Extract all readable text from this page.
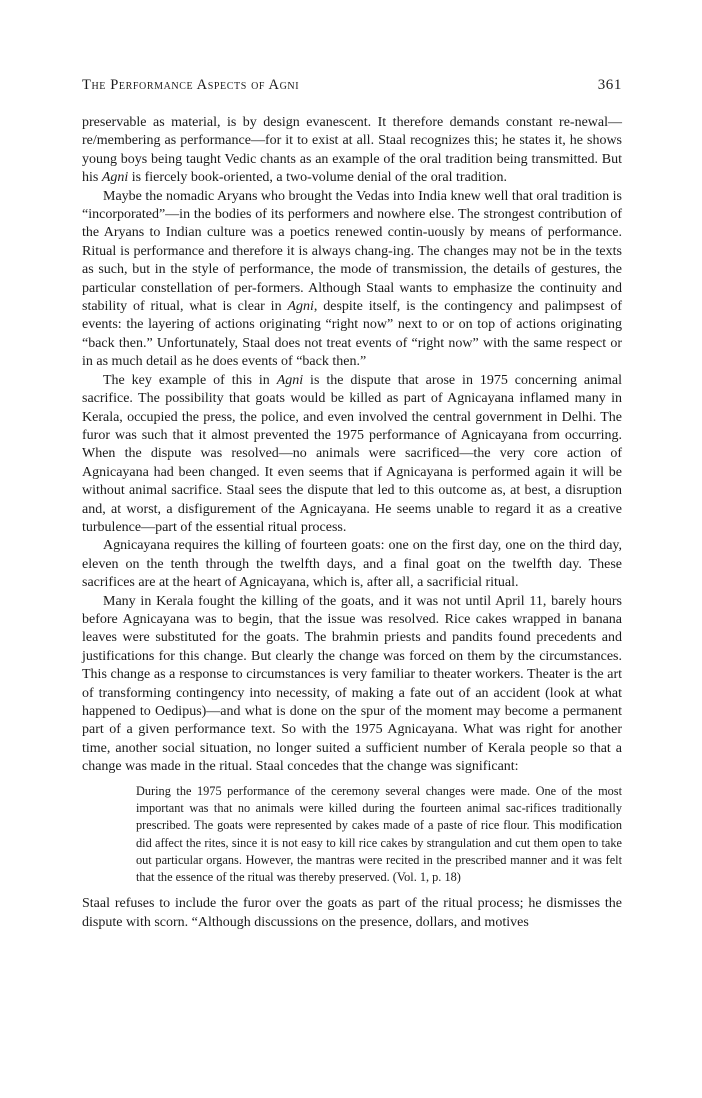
The Performance Aspects of Agni	361

preservable as material, is by design evanescent. It therefore demands constant re-newal—re/membering as performance—for it to exist at all. Staal recognizes this; he states it, he shows young boys being taught Vedic chants as an example of the oral tradition being transmitted. But his Agni is fiercely book-oriented, a two-volume denial of the oral tradition.

Maybe the nomadic Aryans who brought the Vedas into India knew well that oral tradition is “incorporated”—in the bodies of its performers and nowhere else. The strongest contribution of the Aryans to Indian culture was a poetics renewed contin-uously by means of performance. Ritual is performance and therefore it is always chang-ing. The changes may not be in the texts as such, but in the style of performance, the mode of transmission, the details of gestures, the particular constellation of per-formers. Although Staal wants to emphasize the continuity and stability of ritual, what is clear in Agni, despite itself, is the contingency and palimpsest of events: the layering of actions originating “right now” next to or on top of actions originating “back then.” Unfortunately, Staal does not treat events of “right now” with the same respect or in as much detail as he does events of “back then.”

The key example of this in Agni is the dispute that arose in 1975 concerning animal sacrifice. The possibility that goats would be killed as part of Agnicayana inflamed many in Kerala, occupied the press, the police, and even involved the central government in Delhi. The furor was such that it almost prevented the 1975 performance of Agnicayana from occurring. When the dispute was resolved—no animals were sacrificed—the very core action of Agnicayana had been changed. It even seems that if Agnicayana is performed again it will be without animal sacrifice. Staal sees the dispute that led to this outcome as, at best, a disruption and, at worst, a disfigurement of the Agnicayana. He seems unable to regard it as a creative turbulence—part of the essential ritual process.

Agnicayana requires the killing of fourteen goats: one on the first day, one on the third day, eleven on the tenth through the twelfth days, and a final goat on the twelfth day. These sacrifices are at the heart of Agnicayana, which is, after all, a sacrificial ritual.

Many in Kerala fought the killing of the goats, and it was not until April 11, barely hours before Agnicayana was to begin, that the issue was resolved. Rice cakes wrapped in banana leaves were substituted for the goats. The brahmin priests and pandits found precedents and justifications for this change. But clearly the change was forced on them by the circumstances. This change as a response to circumstances is very familiar to theater workers. Theater is the art of transforming contingency into necessity, of making a fate out of an accident (look at what happened to Oedipus)—and what is done on the spur of the moment may become a permanent part of a given performance text. So with the 1975 Agnicayana. What was right for another time, another social situation, no longer suited a sufficient number of Kerala people so that a change was made in the ritual. Staal concedes that the change was significant:

During the 1975 performance of the ceremony several changes were made. One of the most important was that no animals were killed during the fourteen animal sac-rifices traditionally prescribed. The goats were represented by cakes made of a paste of rice flour. This modification did affect the rites, since it is not easy to kill rice cakes by strangulation and cut them open to take out particular organs. However, the mantras were recited in the prescribed manner and it was felt that the essence of the ritual was thereby preserved. (Vol. 1, p. 18)

Staal refuses to include the furor over the goats as part of the ritual process; he dismisses the dispute with scorn. “Although discussions on the presence, dollars, and motives
